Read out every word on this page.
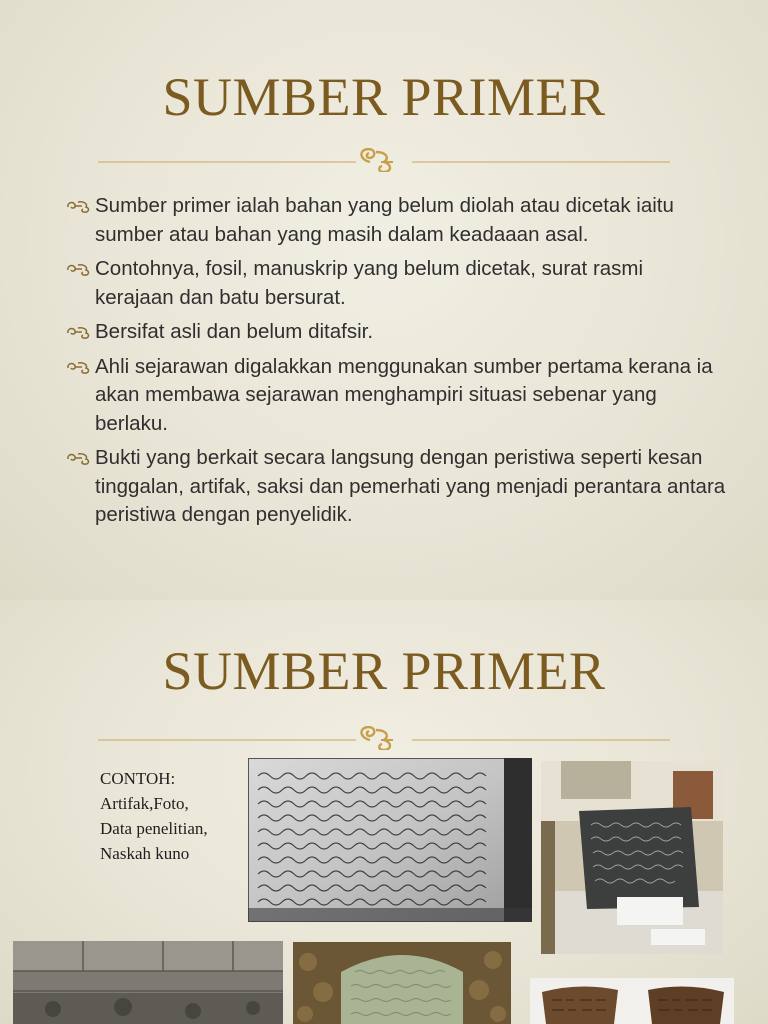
SUMBER PRIMER
Sumber primer ialah bahan yang belum diolah atau dicetak iaitu sumber atau bahan yang masih dalam keadaaan asal.
Contohnya, fosil, manuskrip yang belum dicetak, surat rasmi kerajaan dan batu bersurat.
Bersifat asli dan belum ditafsir.
Ahli sejarawan digalakkan menggunakan sumber pertama kerana ia akan membawa sejarawan menghampiri situasi sebenar yang berlaku.
Bukti yang berkait secara langsung dengan peristiwa seperti kesan tinggalan, artifak, saksi dan pemerhati yang menjadi perantara antara peristiwa dengan penyelidik.
SUMBER PRIMER
CONTOH:
Artifak,Foto,
Data penelitian,
Naskah kuno
